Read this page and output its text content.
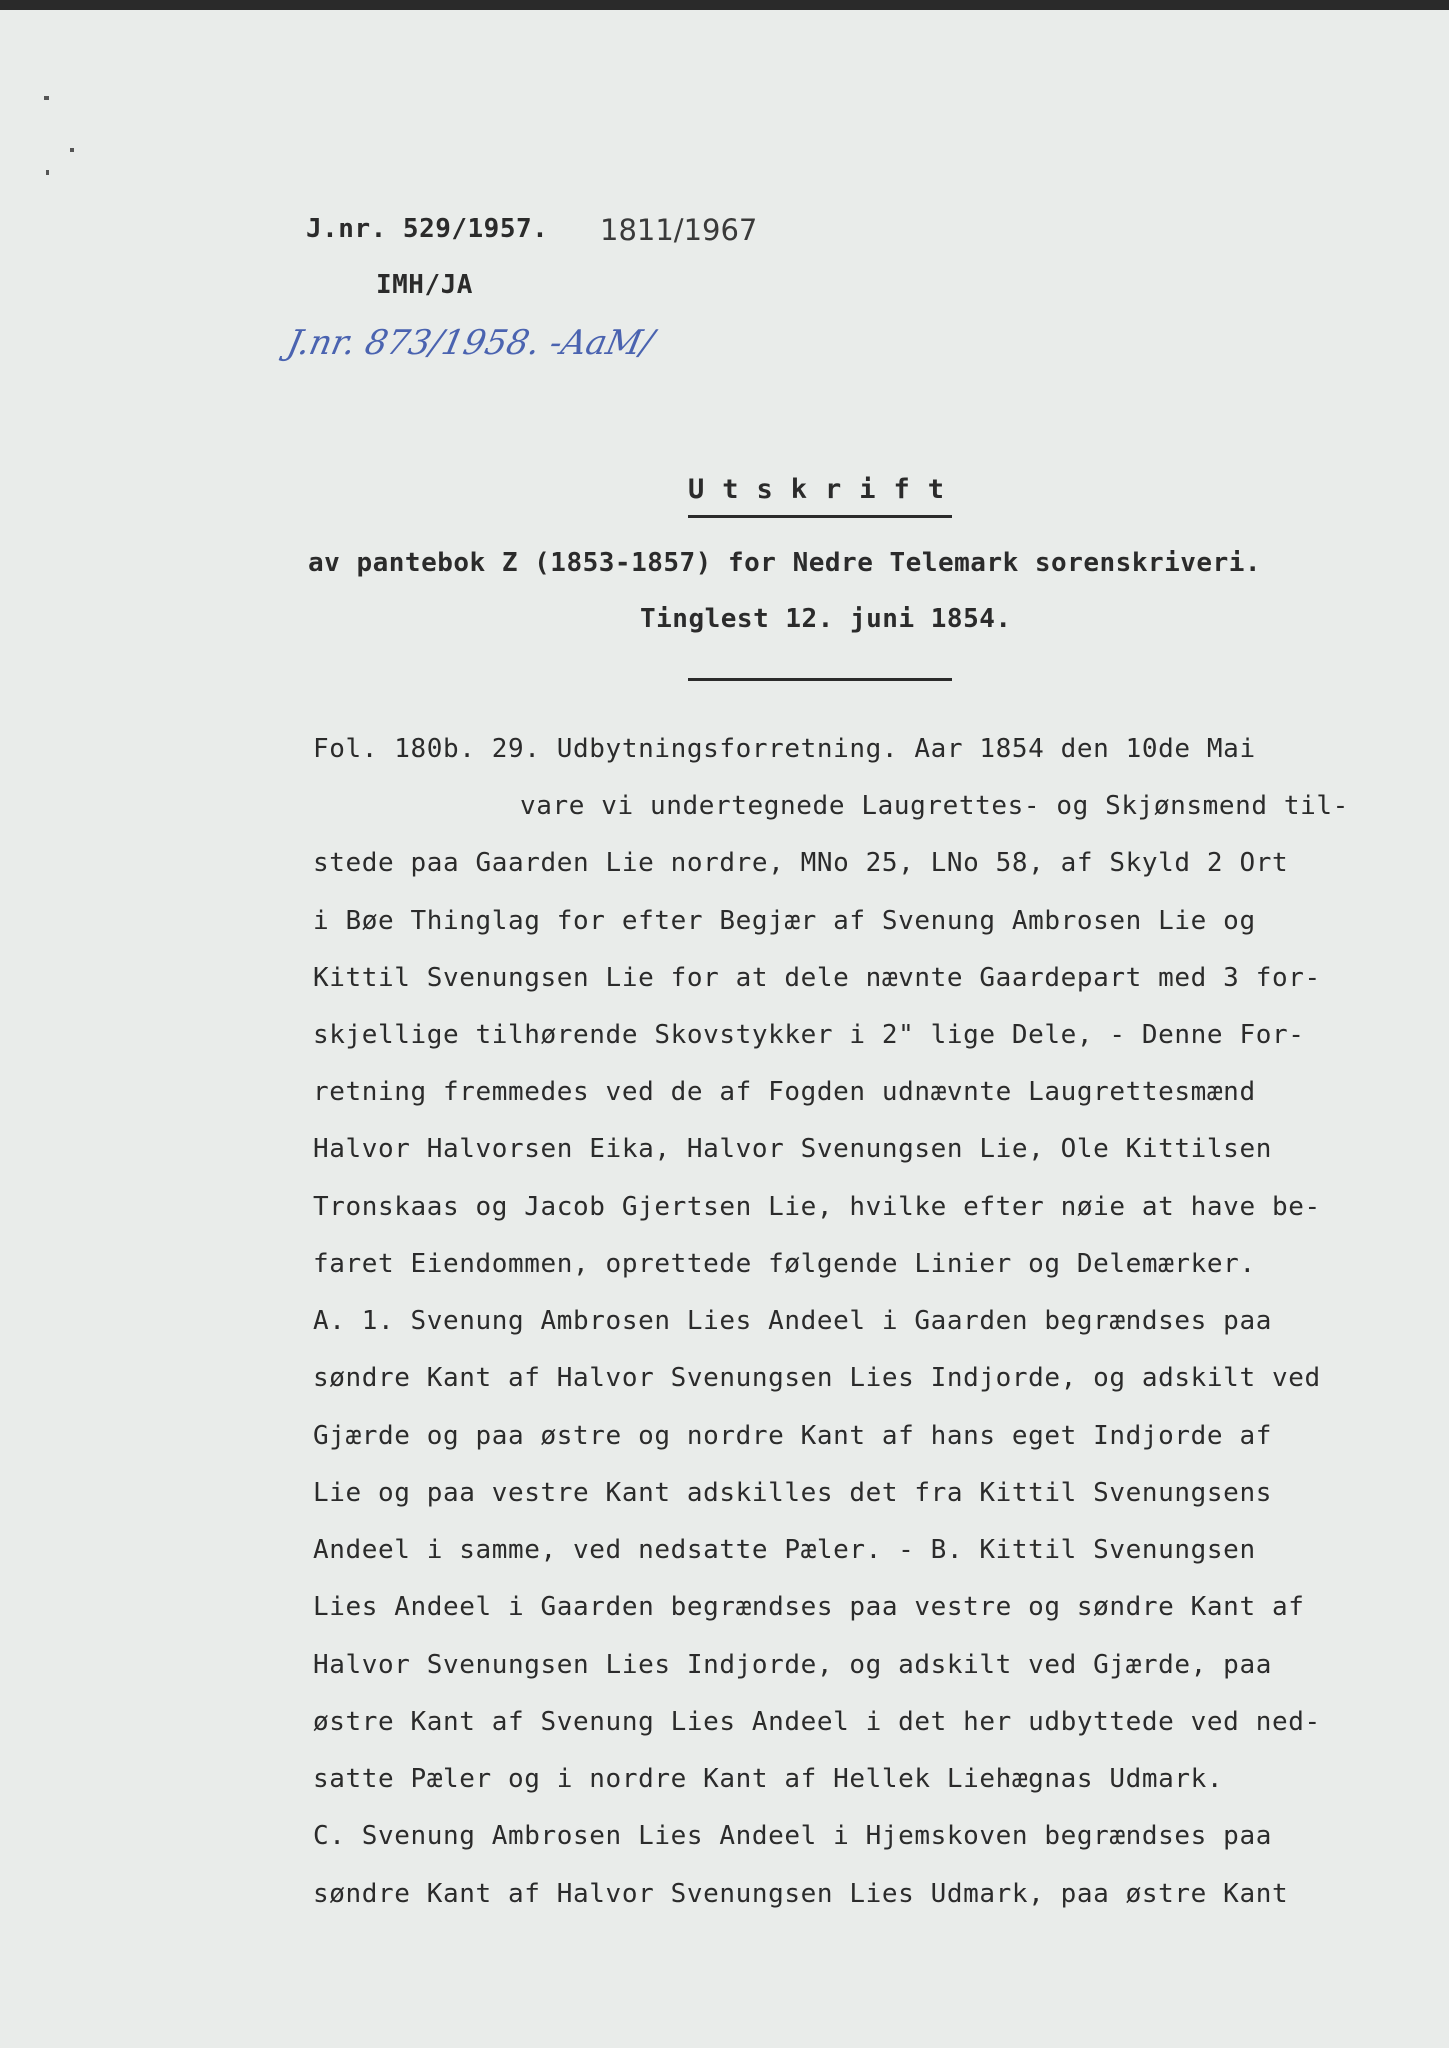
J.nr. 529/1957. 1811/1967
IMH/JA
J.nr. 873/1958. -AaM/
Utskrift
av pantebok Z (1853-1857) for Nedre Telemark sorenskriveri.
Tinglest 12. juni 1854.
Fol. 180b. 29. Udbytningsforretning. Aar 1854 den 10de Mai
vare vi undertegnede Laugrettes- og Skjønsmend til-
stede paa Gaarden Lie nordre, MNo 25, LNo 58, af Skyld 2 Ort
i Bøe Thinglag for efter Begjær af Svenung Ambrosen Lie og
Kittil Svenungsen Lie for at dele nævnte Gaardepart med 3 for-
skjellige tilhørende Skovstykker i 2" lige Dele, - Denne For-
retning fremmedes ved de af Fogden udnævnte Laugrettesmænd
Halvor Halvorsen Eika, Halvor Svenungsen Lie, Ole Kittilsen
Tronskaas og Jacob Gjertsen Lie, hvilke efter nøie at have be-
faret Eiendommen, oprettede følgende Linier og Delemærker.
A. 1. Svenung Ambrosen Lies Andeel i Gaarden begrændses paa
søndre Kant af Halvor Svenungsen Lies Indjorde, og adskilt ved
Gjærde og paa østre og nordre Kant af hans eget Indjorde af
Lie og paa vestre Kant adskilles det fra Kittil Svenungsens
Andeel i samme, ved nedsatte Pæler. - B. Kittil Svenungsen
Lies Andeel i Gaarden begrændses paa vestre og søndre Kant af
Halvor Svenungsen Lies Indjorde, og adskilt ved Gjærde, paa
østre Kant af Svenung Lies Andeel i det her udbyttede ved ned-
satte Pæler og i nordre Kant af Hellek Liehægnas Udmark.
C. Svenung Ambrosen Lies Andeel i Hjemskoven begrændses paa
søndre Kant af Halvor Svenungsen Lies Udmark, paa østre Kant
